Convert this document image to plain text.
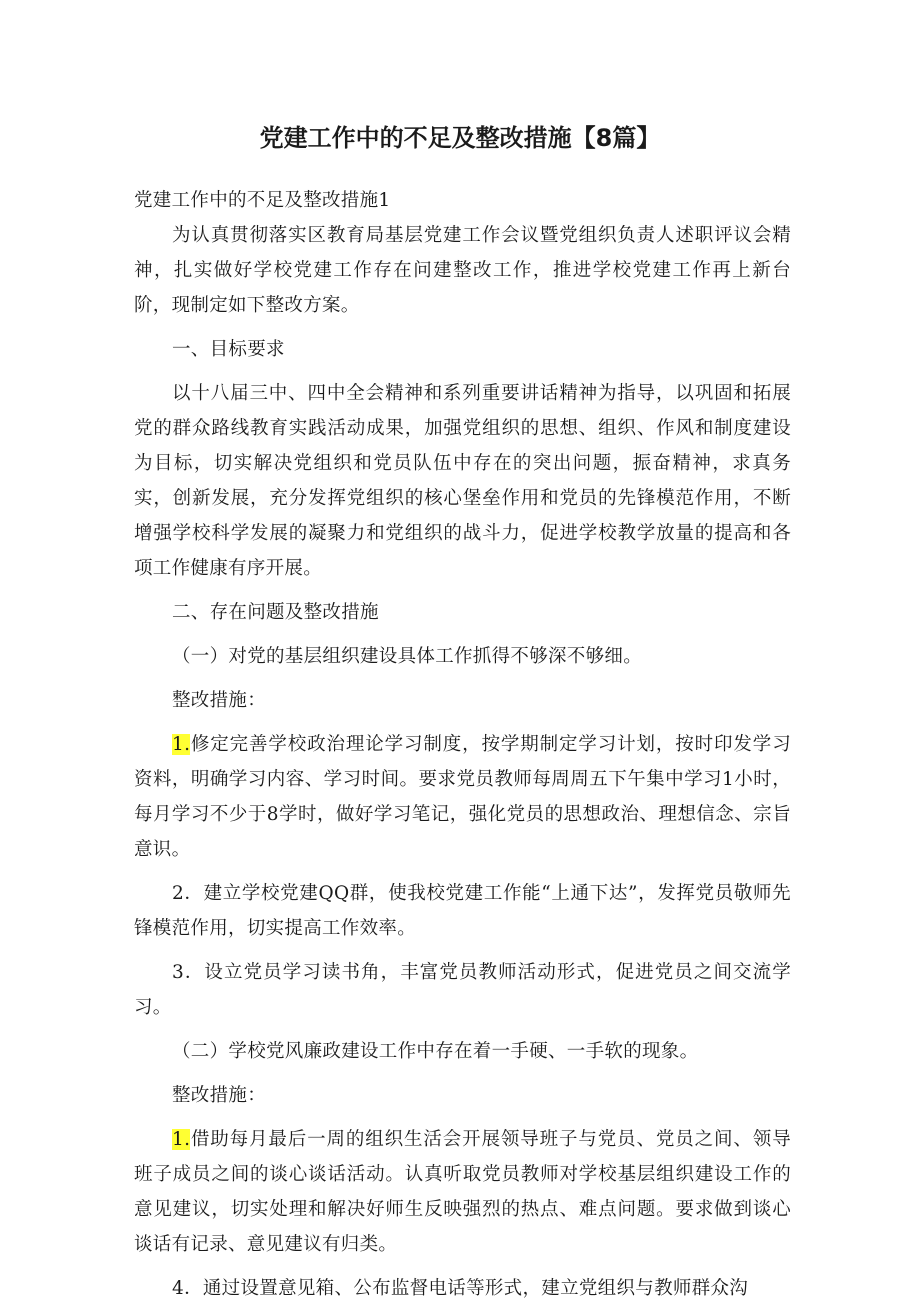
党建工作中的不足及整改措施【8篇】

党建工作中的不足及整改措施1

为认真贯彻落实区教育局基层党建工作会议暨党组织负责人述职评议会精神，扎实做好学校党建工作存在问建整改工作，推进学校党建工作再上新台阶，现制定如下整改方案。

一、目标要求

以十八届三中、四中全会精神和系列重要讲话精神为指导，以巩固和拓展党的群众路线教育实践活动成果，加强党组织的思想、组织、作风和制度建设为目标，切实解决党组织和党员队伍中存在的突出问题，振奋精神，求真务实，创新发展，充分发挥党组织的核心堡垒作用和党员的先锋模范作用，不断增强学校科学发展的凝聚力和党组织的战斗力，促进学校教学放量的提高和各项工作健康有序开展。

二、存在问题及整改措施

（一）对党的基层组织建设具体工作抓得不够深不够细。

整改措施：

1.修定完善学校政治理论学习制度，按学期制定学习计划，按时印发学习资料，明确学习内容、学习时间。要求党员教师每周周五下午集中学习1小时，每月学习不少于8学时，做好学习笔记，强化党员的思想政治、理想信念、宗旨意识。

2．建立学校党建QQ群，使我校党建工作能“上通下达”，发挥党员敬师先锋模范作用，切实提高工作效率。

3．设立党员学习读书角，丰富党员教师活动形式，促进党员之间交流学习。

（二）学校党风廉政建设工作中存在着一手硬、一手软的现象。

整改措施：

1.借助每月最后一周的组织生活会开展领导班子与党员、党员之间、领导班子成员之间的谈心谈话活动。认真听取党员教师对学校基层组织建设工作的意见建议，切实处理和解决好师生反映强烈的热点、难点问题。要求做到谈心谈话有记录、意见建议有归类。

4．通过设置意见箱、公布监督电话等形式，建立党组织与教师群众沟
